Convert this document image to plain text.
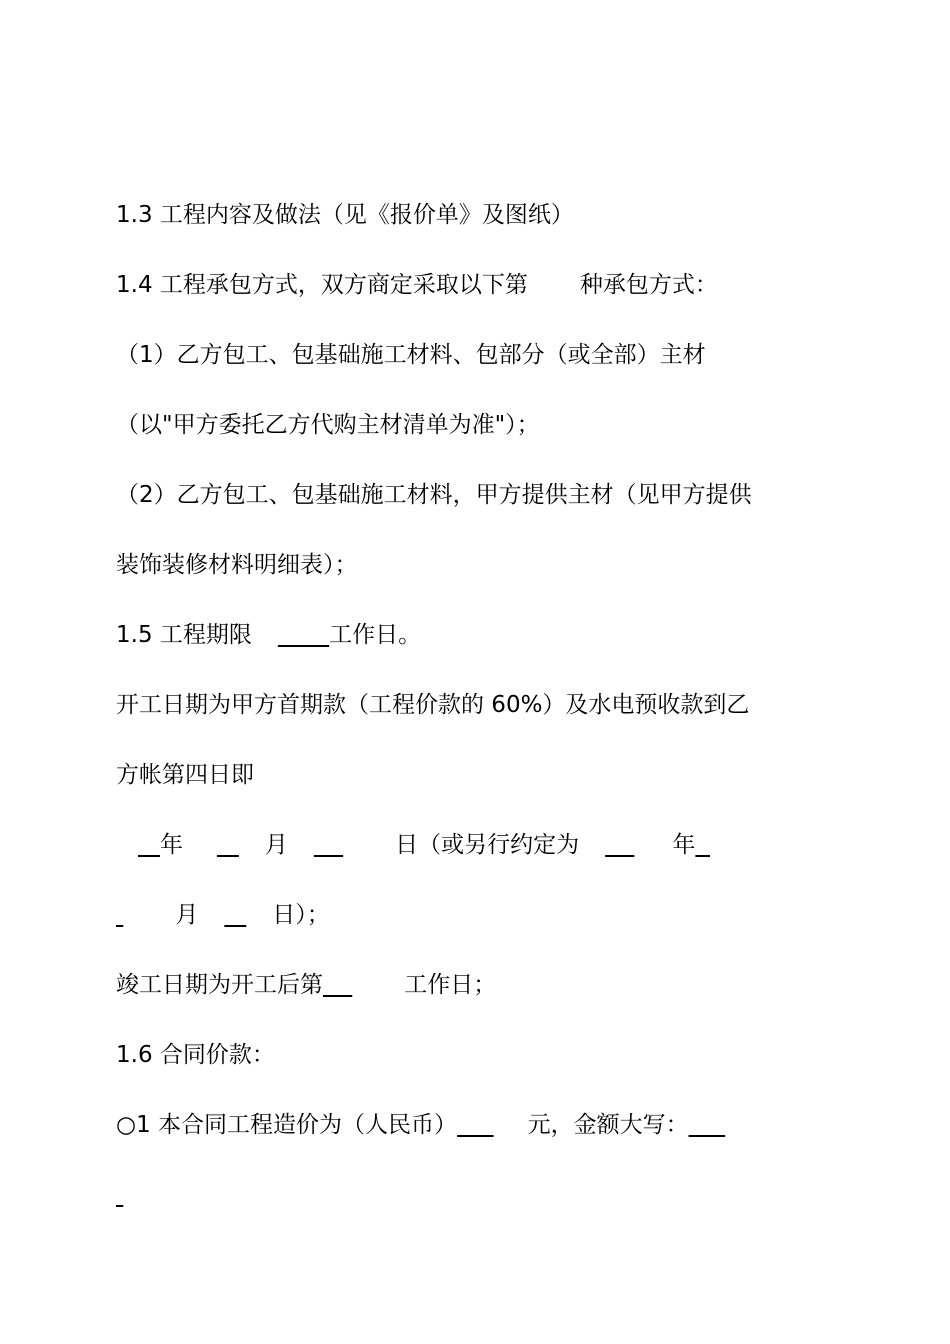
1.3 工程内容及做法（见《报价单》及图纸）
1.4 工程承包方式，双方商定采取以下第 种承包方式：
（1）乙方包工、包基础施工材料、包部分（或全部）主材
（以"甲方委托乙方代购主材清单为准"）；
（2）乙方包工、包基础施工材料，甲方提供主材（见甲方提供
装饰装修材料明细表）；
1.5 工程期限	工作日。
开工日期为甲方首期款（工程价款的 60%）及水电预收款到乙
方帐第四日即
年	月	日（或另行约定为	年
月	日）；
竣工日期为开工后第	工作日；
1.6 合同价款：
○1 本合同工程造价为（人民币）	元，金额大写：
